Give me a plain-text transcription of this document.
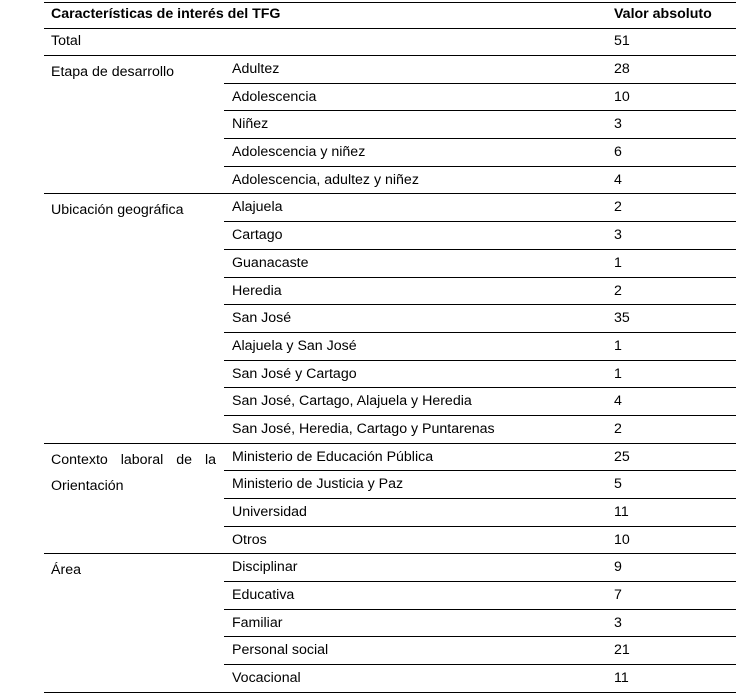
Características de interés del TFG	Valor absoluto
Total	51
Etapa de desarrollo	Adultez	28
Adolescencia	10
Niñez	3
Adolescencia y niñez	6
Adolescencia, adultez y niñez	4
Ubicación geográfica	Alajuela	2
Cartago	3
Guanacaste	1
Heredia	2
San José	35
Alajuela y San José	1
San José y Cartago	1
San José, Cartago, Alajuela y Heredia	4
San José, Heredia, Cartago y Puntarenas	2
Contexto laboral de la Orientación
Ministerio de Educación Pública	25
Ministerio de Justicia y Paz	5
Universidad	11
Otros	10
Área	Disciplinar	9
Educativa	7
Familiar	3
Personal social	21
Vocacional	11
